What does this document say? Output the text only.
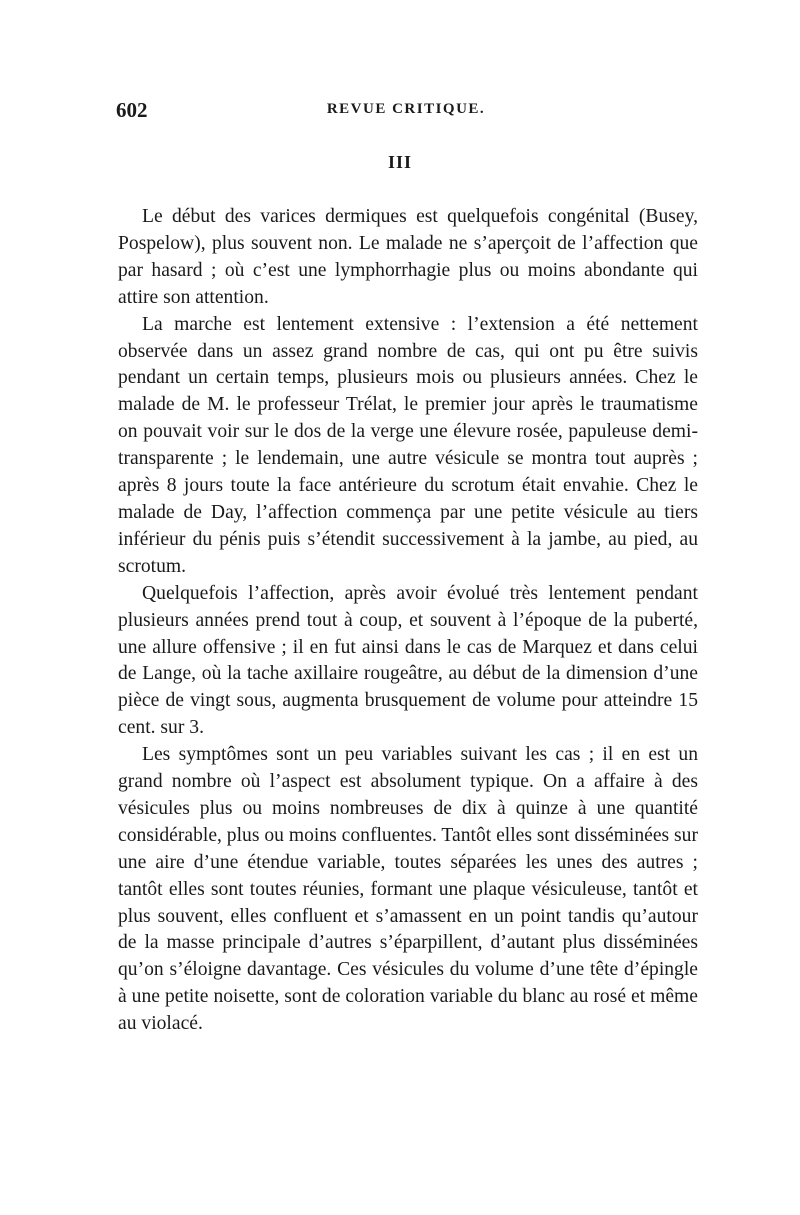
602	REVUE CRITIQUE.
III

Le début des varices dermiques est quelquefois congénital (Busey, Pospelow), plus souvent non. Le malade ne s’aperçoit de l’affection que par hasard ; où c’est une lymphorrhagie plus ou moins abondante qui attire son attention.

La marche est lentement extensive : l’extension a été nettement observée dans un assez grand nombre de cas, qui ont pu être suivis pendant un certain temps, plusieurs mois ou plusieurs années. Chez le malade de M. le professeur Trélat, le premier jour après le traumatisme on pouvait voir sur le dos de la verge une élevure rosée, papuleuse demi-transparente ; le lendemain, une autre vésicule se montra tout auprès ; après 8 jours toute la face antérieure du scrotum était envahie. Chez le malade de Day, l’affection commença par une petite vésicule au tiers inférieur du pénis puis s’étendit successivement à la jambe, au pied, au scrotum.

Quelquefois l’affection, après avoir évolué très lentement pendant plusieurs années prend tout à coup, et souvent à l’époque de la puberté, une allure offensive ; il en fut ainsi dans le cas de Marquez et dans celui de Lange, où la tache axillaire rougeâtre, au début de la dimension d’une pièce de vingt sous, augmenta brusquement de volume pour atteindre 15 cent. sur 3.

Les symptômes sont un peu variables suivant les cas ; il en est un grand nombre où l’aspect est absolument typique. On a affaire à des vésicules plus ou moins nombreuses de dix à quinze à une quantité considérable, plus ou moins confluentes. Tantôt elles sont disséminées sur une aire d’une étendue variable, toutes séparées les unes des autres ; tantôt elles sont toutes réunies, formant une plaque vésiculeuse, tantôt et plus souvent, elles confluent et s’amassent en un point tandis qu’autour de la masse principale d’autres s’éparpillent, d’autant plus disséminées qu’on s’éloigne davantage. Ces vésicules du volume d’une tête d’épingle à une petite noisette, sont de coloration variable du blanc au rosé et même au violacé.
